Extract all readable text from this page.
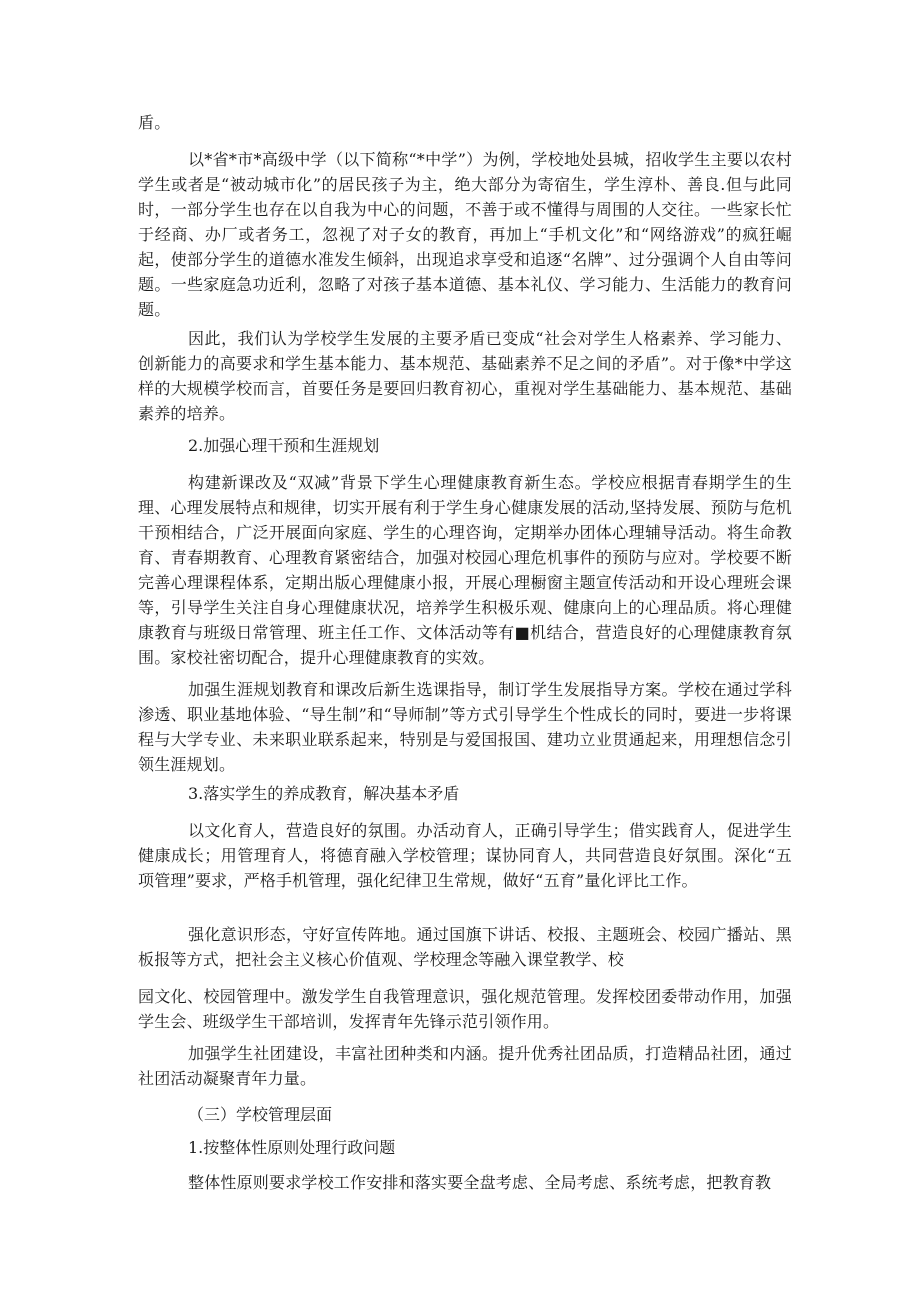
盾。

以*省*市*高级中学（以下简称“*中学”）为例，学校地处县城，招收学生主要以农村学生或者是“被动城市化”的居民孩子为主，绝大部分为寄宿生，学生淳朴、善良.但与此同时，一部分学生也存在以自我为中心的问题，不善于或不懂得与周围的人交往。一些家长忙于经商、办厂或者务工，忽视了对子女的教育，再加上“手机文化”和“网络游戏”的疯狂崛起，使部分学生的道德水准发生倾斜，出现追求享受和追逐“名牌”、过分强调个人自由等问题。一些家庭急功近利，忽略了对孩子基本道德、基本礼仪、学习能力、生活能力的教育问题。

因此，我们认为学校学生发展的主要矛盾已变成“社会对学生人格素养、学习能力、创新能力的高要求和学生基本能力、基本规范、基础素养不足之间的矛盾”。对于像*中学这样的大规模学校而言，首要任务是要回归教育初心，重视对学生基础能力、基本规范、基础素养的培养。

2.加强心理干预和生涯规划

构建新课改及“双减”背景下学生心理健康教育新生态。学校应根据青春期学生的生理、心理发展特点和规律，切实开展有利于学生身心健康发展的活动,坚持发展、预防与危机干预相结合，广泛开展面向家庭、学生的心理咨询，定期举办团体心理辅导活动。将生命教育、青春期教育、心理教育紧密结合，加强对校园心理危机事件的预防与应对。学校要不断完善心理课程体系，定期出版心理健康小报，开展心理橱窗主题宣传活动和开设心理班会课等，引导学生关注自身心理健康状况，培养学生积极乐观、健康向上的心理品质。将心理健康教育与班级日常管理、班主任工作、文体活动等有■机结合，营造良好的心理健康教育氛围。家校社密切配合，提升心理健康教育的实效。

加强生涯规划教育和课改后新生选课指导，制订学生发展指导方案。学校在通过学科渗透、职业基地体验、“导生制”和“导师制”等方式引导学生个性成长的同时，要进一步将课程与大学专业、未来职业联系起来，特别是与爱国报国、建功立业贯通起来，用理想信念引领生涯规划。

3.落实学生的养成教育，解决基本矛盾

以文化育人，营造良好的氛围。办活动育人，正确引导学生；借实践育人，促进学生健康成长；用管理育人，将德育融入学校管理；谋协同育人，共同营造良好氛围。深化“五项管理”要求，严格手机管理，强化纪律卫生常规，做好“五育”量化评比工作。

强化意识形态，守好宣传阵地。通过国旗下讲话、校报、主题班会、校园广播站、黑板报等方式，把社会主义核心价值观、学校理念等融入课堂教学、校

园文化、校园管理中。激发学生自我管理意识，强化规范管理。发挥校团委带动作用，加强学生会、班级学生干部培训，发挥青年先锋示范引领作用。

加强学生社团建设，丰富社团种类和内涵。提升优秀社团品质，打造精品社团，通过社团活动凝聚青年力量。

（三）学校管理层面

1.按整体性原则处理行政问题

整体性原则要求学校工作安排和落实要全盘考虑、全局考虑、系统考虑，把教育教
